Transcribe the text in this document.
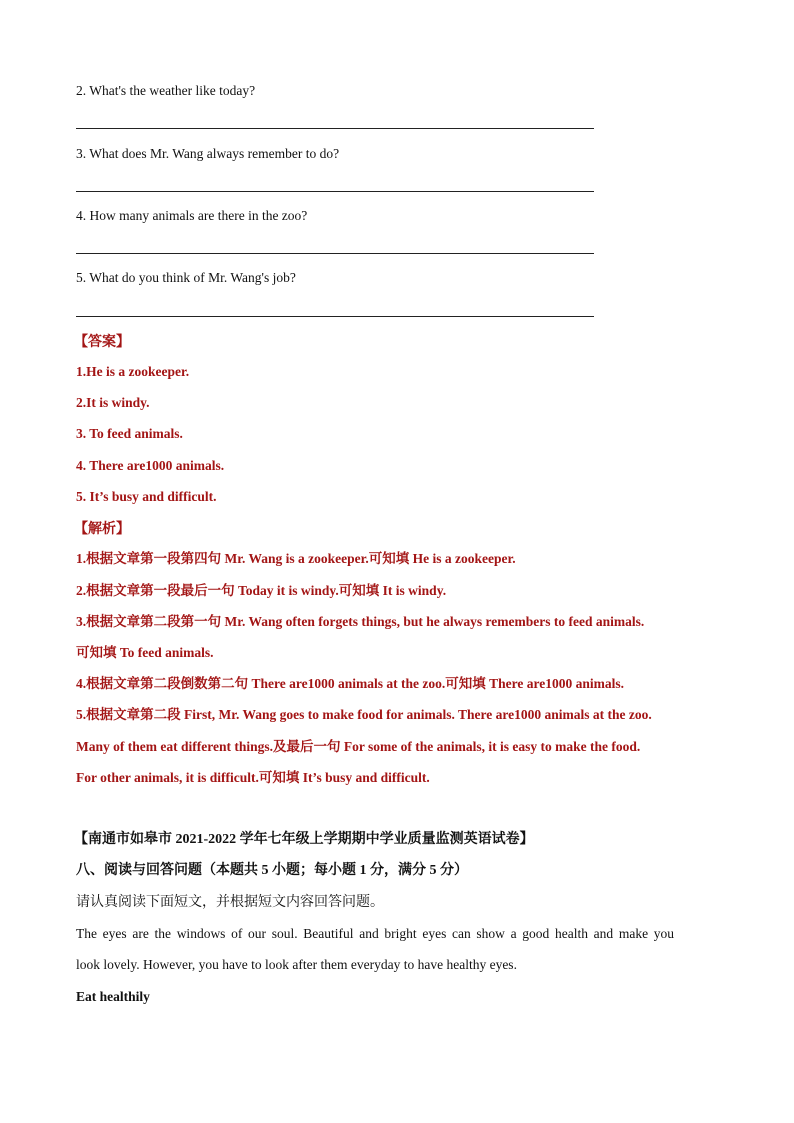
2. What's the weather like today?
3. What does Mr. Wang always remember to do?
4. How many animals are there in the zoo?
5. What do you think of Mr. Wang's job?
【答案】
1.He is a zookeeper.
2.It is windy.
3. To feed animals.
4. There are1000 animals.
5. It’s busy and difficult.
【解析】
1.根据文章第一段第四句 Mr. Wang is a zookeeper.可知填 He is a zookeeper.
2.根据文章第一段最后一句 Today it is windy.可知填 It is windy.
3.根据文章第二段第一句 Mr. Wang often forgets things, but he always remembers to feed animals.
可知填 To feed animals.
4.根据文章第二段倒数第二句 There are1000 animals at the zoo.可知填 There are1000 animals.
5.根据文章第二段 First, Mr. Wang goes to make food for animals. There are1000 animals at the zoo.
Many of them eat different things.及最后一句 For some of the animals, it is easy to make the food.
For other animals, it is difficult.可知填 It’s busy and difficult.
【南通市如皋市 2021-2022 学年七年级上学期期中学业质量监测英语试卷】
八、阅读与回答问题（本题共 5 小题；每小题 1 分，满分 5 分）
请认真阅读下面短文，并根据短文内容回答问题。
The eyes are the windows of our soul. Beautiful and bright eyes can show a good health and make you
look lovely. However, you have to look after them everyday to have healthy eyes.
Eat healthily
